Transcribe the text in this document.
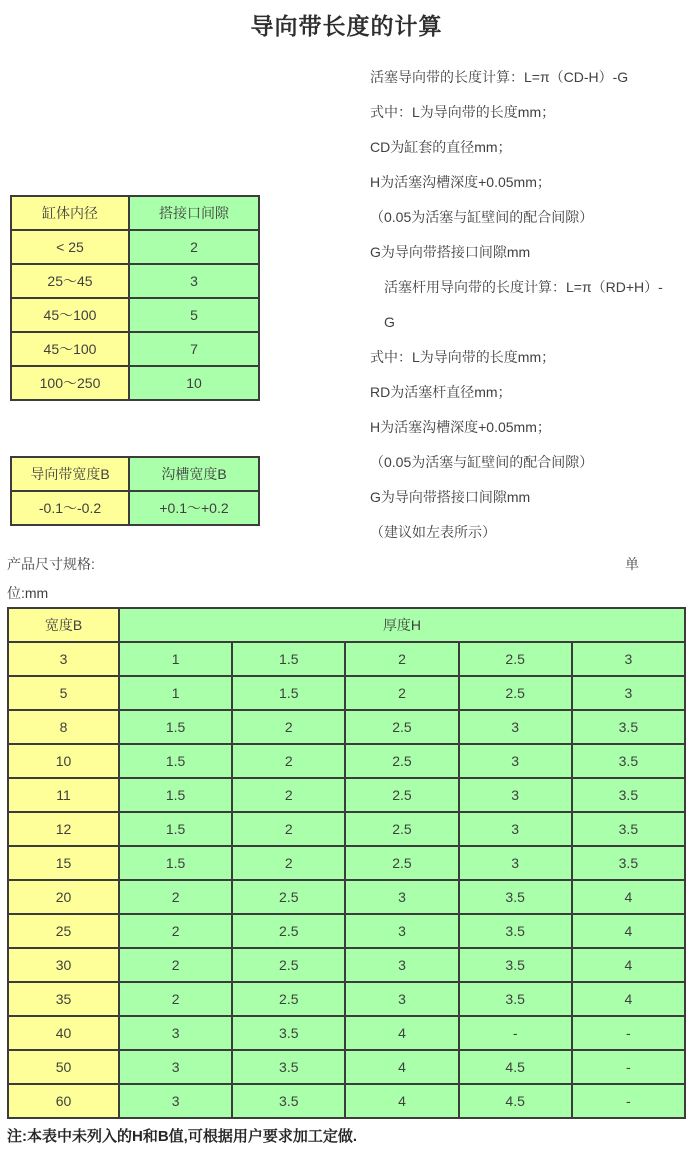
导向带长度的计算
活塞导向带的长度计算：L=π（CD-H）-G
式中：L为导向带的长度mm；
CD为缸套的直径mm；
H为活塞沟槽深度+0.05mm；
（0.05为活塞与缸壁间的配合间隙）
G为导向带搭接口间隙mm
活塞杆用导向带的长度计算：L=π（RD+H）-
G
式中：L为导向带的长度mm；
RD为活塞杆直径mm；
H为活塞沟槽深度+0.05mm；
（0.05为活塞与缸壁间的配合间隙）
G为导向带搭接口间隙mm
（建议如左表所示）
缸体内径	搭接口间隙
< 25	2
25～45	3
45～100	5
45～100	7
100～250	10
导向带宽度B	沟槽宽度B
-0.1～-0.2	+0.1～+0.2
产品尺寸规格:	单
位:mm
宽度B	厚度H				
3	1	1.5	2	2.5	3
5	1	1.5	2	2.5	3
8	1.5	2	2.5	3	3.5
10	1.5	2	2.5	3	3.5
11	1.5	2	2.5	3	3.5
12	1.5	2	2.5	3	3.5
15	1.5	2	2.5	3	3.5
20	2	2.5	3	3.5	4
25	2	2.5	3	3.5	4
30	2	2.5	3	3.5	4
35	2	2.5	3	3.5	4
40	3	3.5	4	-	-
50	3	3.5	4	4.5	-
60	3	3.5	4	4.5	-
注:本表中未列入的H和B值,可根据用户要求加工定做.
